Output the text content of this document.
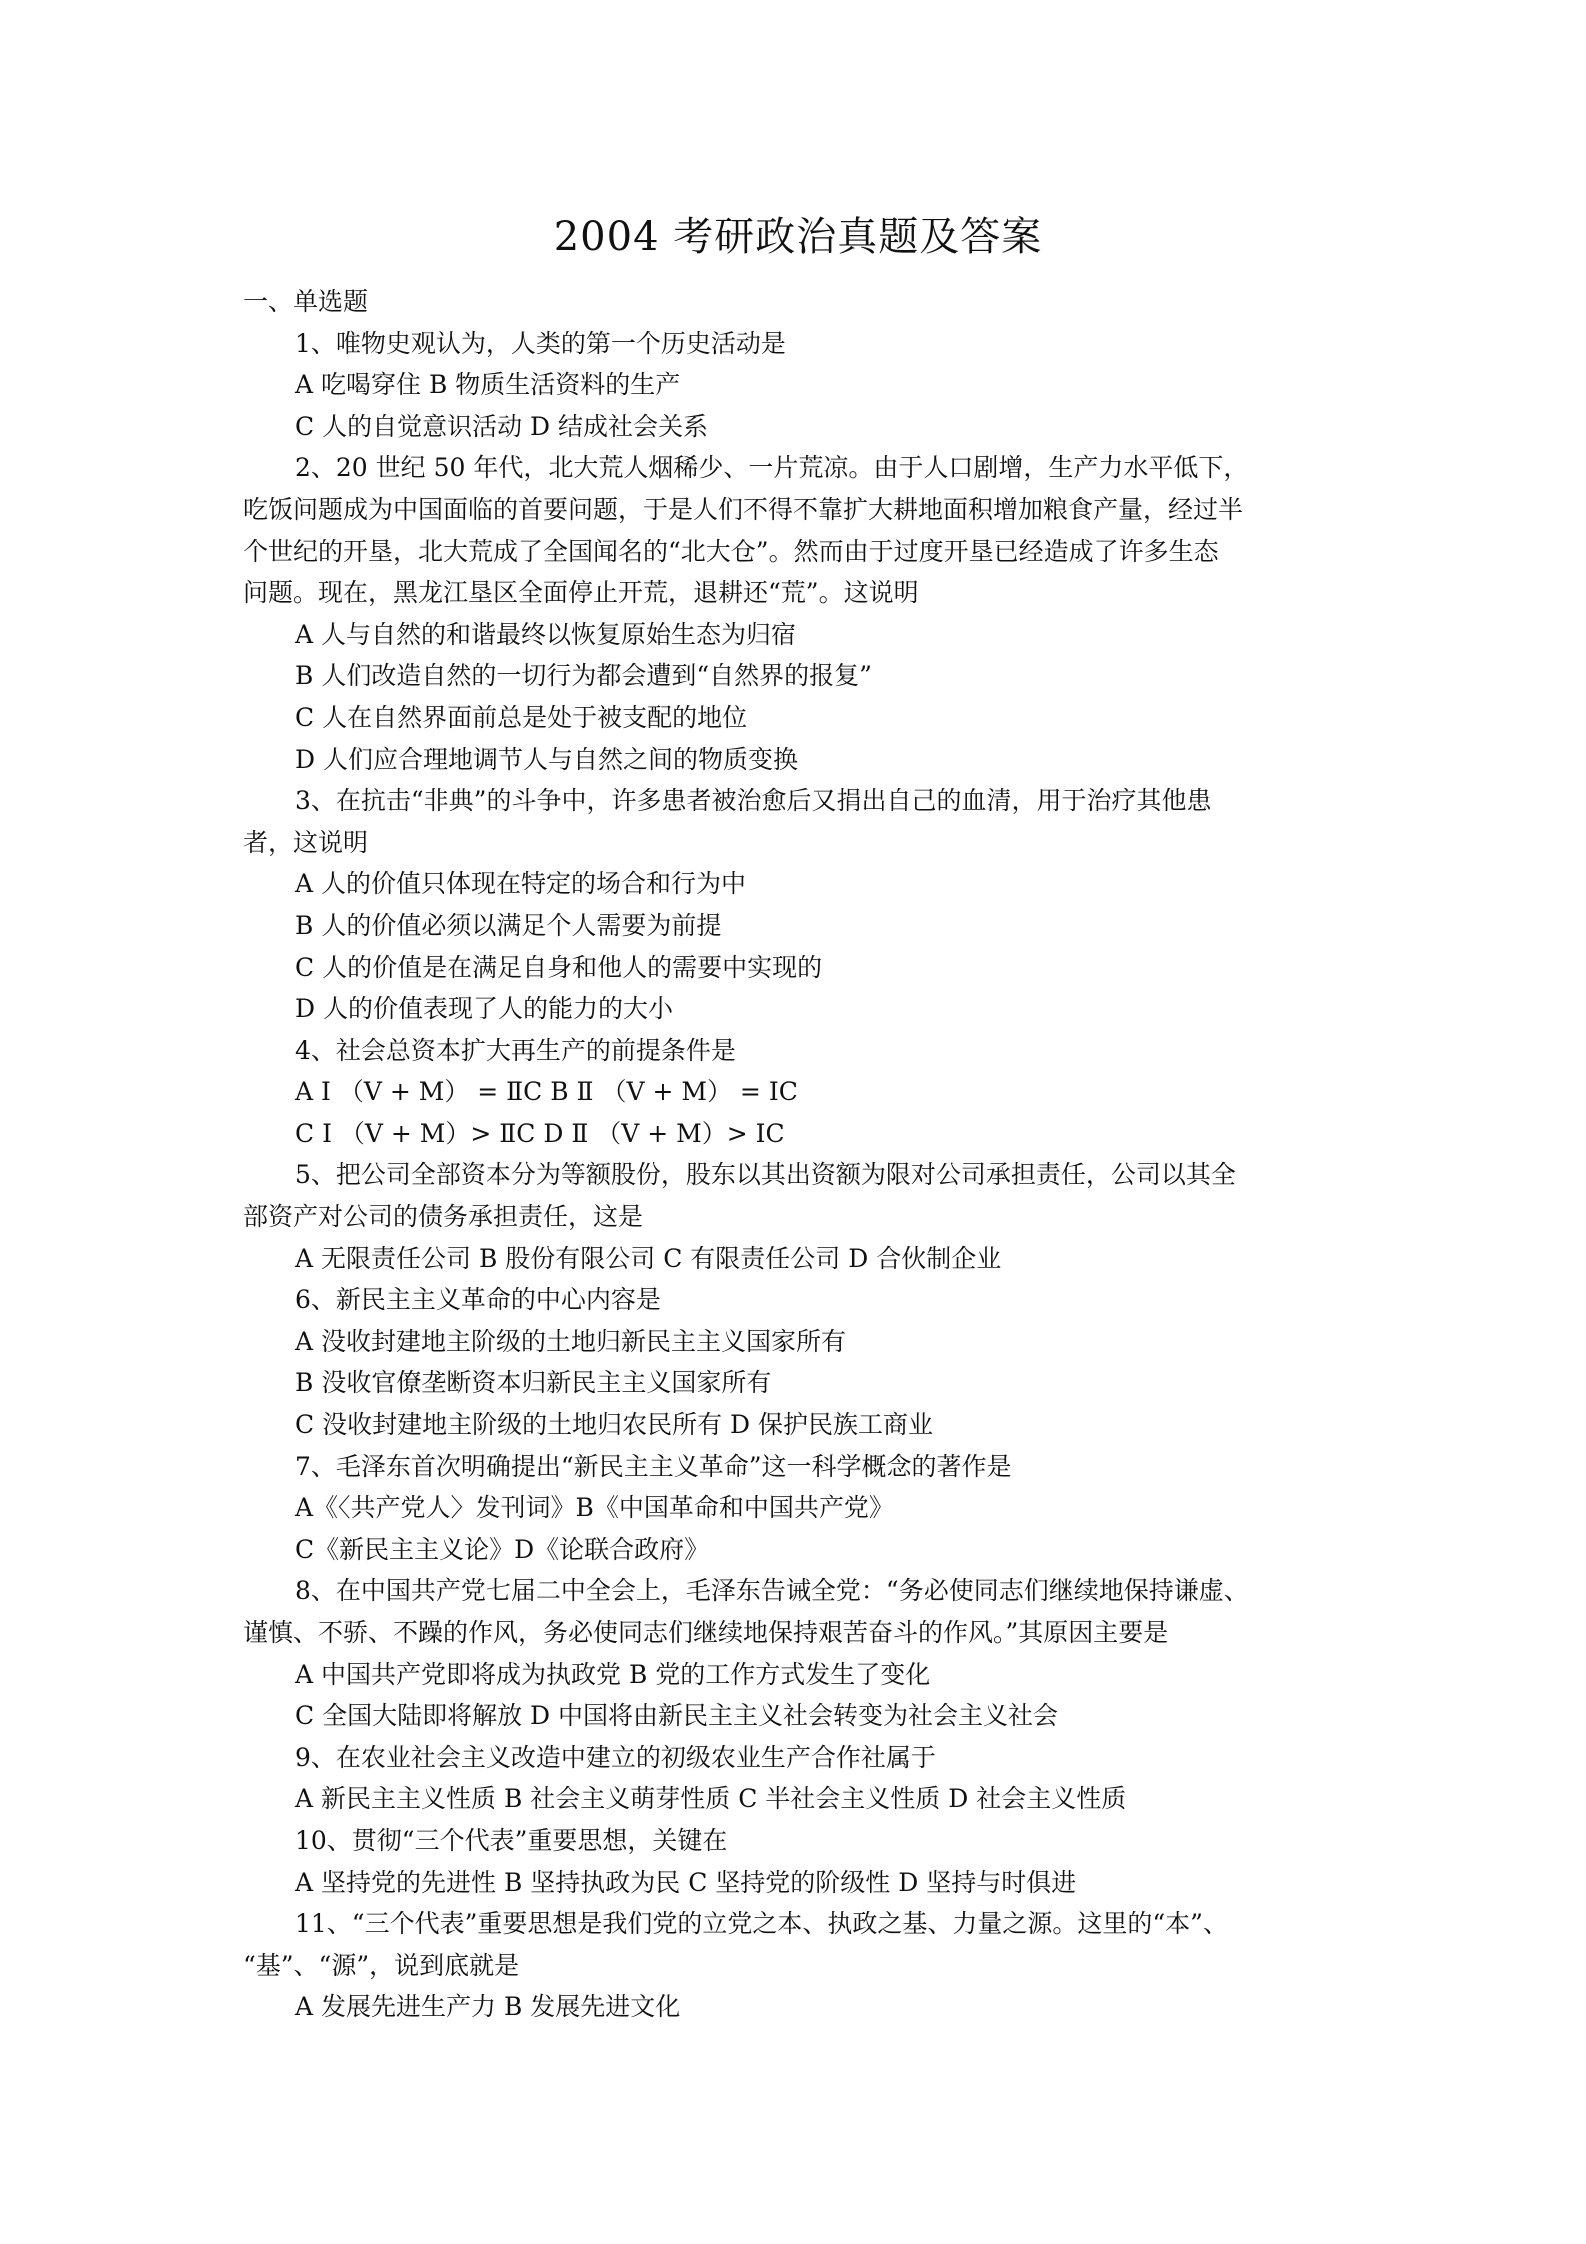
2004 考研政治真题及答案
一、单选题
1、唯物史观认为，人类的第一个历史活动是
A 吃喝穿住 B 物质生活资料的生产
C 人的自觉意识活动 D 结成社会关系
2、20 世纪 50 年代，北大荒人烟稀少、一片荒凉。由于人口剧增，生产力水平低下，
吃饭问题成为中国面临的首要问题，于是人们不得不靠扩大耕地面积增加粮食产量，经过半
个世纪的开垦，北大荒成了全国闻名的“北大仓”。然而由于过度开垦已经造成了许多生态
问题。现在，黑龙江垦区全面停止开荒，退耕还“荒”。这说明
A 人与自然的和谐最终以恢复原始生态为归宿
B 人们改造自然的一切行为都会遭到“自然界的报复”
C 人在自然界面前总是处于被支配的地位
D 人们应合理地调节人与自然之间的物质变换
3、在抗击“非典”的斗争中，许多患者被治愈后又捐出自己的血清，用于治疗其他患
者，这说明
A 人的价值只体现在特定的场合和行为中
B 人的价值必须以满足个人需要为前提
C 人的价值是在满足自身和他人的需要中实现的
D 人的价值表现了人的能力的大小
4、社会总资本扩大再生产的前提条件是
A Ⅰ （V + M） = ⅡC B Ⅱ （V + M） = ⅠC
C Ⅰ （V + M）> ⅡC D Ⅱ （V + M）> ⅠC
5、把公司全部资本分为等额股份，股东以其出资额为限对公司承担责任，公司以其全
部资产对公司的债务承担责任，这是
A 无限责任公司 B 股份有限公司 C 有限责任公司 D 合伙制企业
6、新民主主义革命的中心内容是
A 没收封建地主阶级的土地归新民主主义国家所有
B 没收官僚垄断资本归新民主主义国家所有
C 没收封建地主阶级的土地归农民所有 D 保护民族工商业
7、毛泽东首次明确提出“新民主主义革命”这一科学概念的著作是
A《〈共产党人〉发刊词》B《中国革命和中国共产党》
C《新民主主义论》D《论联合政府》
8、在中国共产党七届二中全会上，毛泽东告诫全党：“务必使同志们继续地保持谦虚、
谨慎、不骄、不躁的作风，务必使同志们继续地保持艰苦奋斗的作风。”其原因主要是
A 中国共产党即将成为执政党 B 党的工作方式发生了变化
C 全国大陆即将解放 D 中国将由新民主主义社会转变为社会主义社会
9、在农业社会主义改造中建立的初级农业生产合作社属于
A 新民主主义性质 B 社会主义萌芽性质 C 半社会主义性质 D 社会主义性质
10、贯彻“三个代表”重要思想，关键在
A 坚持党的先进性 B 坚持执政为民 C 坚持党的阶级性 D 坚持与时俱进
11、“三个代表”重要思想是我们党的立党之本、执政之基、力量之源。这里的“本”、
“基”、“源”，说到底就是
A 发展先进生产力 B 发展先进文化
